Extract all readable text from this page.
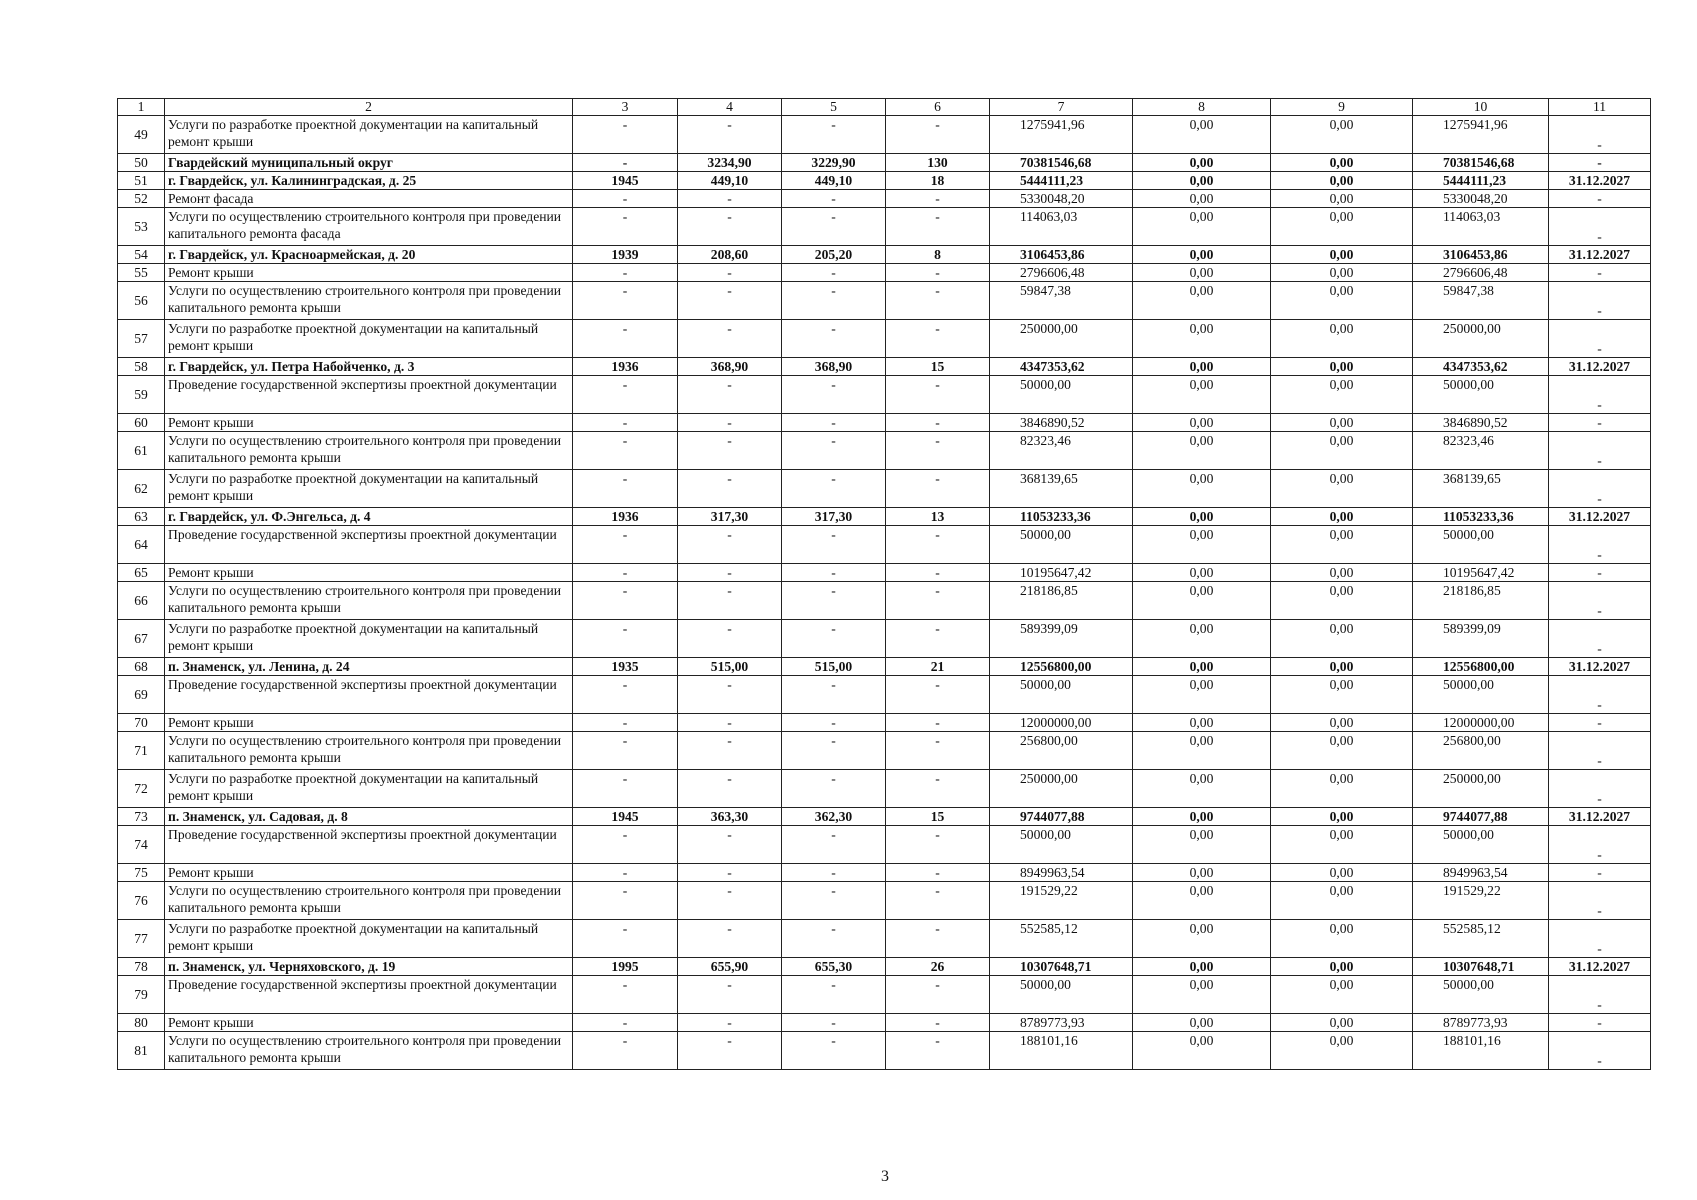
1	2	3	4	5	6	7	8	9	10	11
49	Услуги по разработке проектной документации на капитальный ремонт крыши	-	-	-	-	1275941,96	0,00	0,00	1275941,96	-
50	Гвардейский муниципальный округ	-	3234,90	3229,90	130	70381546,68	0,00	0,00	70381546,68	-
51	г. Гвардейск, ул. Калининградская, д. 25	1945	449,10	449,10	18	5444111,23	0,00	0,00	5444111,23	31.12.2027
52	Ремонт фасада	-	-	-	-	5330048,20	0,00	0,00	5330048,20	-
53	Услуги по осуществлению строительного контроля при проведении капитального ремонта фасада	-	-	-	-	114063,03	0,00	0,00	114063,03	-
54	г. Гвардейск, ул. Красноармейская, д. 20	1939	208,60	205,20	8	3106453,86	0,00	0,00	3106453,86	31.12.2027
55	Ремонт крыши	-	-	-	-	2796606,48	0,00	0,00	2796606,48	-
56	Услуги по осуществлению строительного контроля при проведении капитального ремонта крыши	-	-	-	-	59847,38	0,00	0,00	59847,38	-
57	Услуги по разработке проектной документации на капитальный ремонт крыши	-	-	-	-	250000,00	0,00	0,00	250000,00	-
58	г. Гвардейск, ул. Петра Набойченко, д. 3	1936	368,90	368,90	15	4347353,62	0,00	0,00	4347353,62	31.12.2027
59	Проведение государственной экспертизы проектной документации	-	-	-	-	50000,00	0,00	0,00	50000,00	-
60	Ремонт крыши	-	-	-	-	3846890,52	0,00	0,00	3846890,52	-
61	Услуги по осуществлению строительного контроля при проведении капитального ремонта крыши	-	-	-	-	82323,46	0,00	0,00	82323,46	-
62	Услуги по разработке проектной документации на капитальный ремонт крыши	-	-	-	-	368139,65	0,00	0,00	368139,65	-
63	г. Гвардейск, ул. Ф.Энгельса, д. 4	1936	317,30	317,30	13	11053233,36	0,00	0,00	11053233,36	31.12.2027
64	Проведение государственной экспертизы проектной документации	-	-	-	-	50000,00	0,00	0,00	50000,00	-
65	Ремонт крыши	-	-	-	-	10195647,42	0,00	0,00	10195647,42	-
66	Услуги по осуществлению строительного контроля при проведении капитального ремонта крыши	-	-	-	-	218186,85	0,00	0,00	218186,85	-
67	Услуги по разработке проектной документации на капитальный ремонт крыши	-	-	-	-	589399,09	0,00	0,00	589399,09	-
68	п. Знаменск, ул. Ленина, д. 24	1935	515,00	515,00	21	12556800,00	0,00	0,00	12556800,00	31.12.2027
69	Проведение государственной экспертизы проектной документации	-	-	-	-	50000,00	0,00	0,00	50000,00	-
70	Ремонт крыши	-	-	-	-	12000000,00	0,00	0,00	12000000,00	-
71	Услуги по осуществлению строительного контроля при проведении капитального ремонта крыши	-	-	-	-	256800,00	0,00	0,00	256800,00	-
72	Услуги по разработке проектной документации на капитальный ремонт крыши	-	-	-	-	250000,00	0,00	0,00	250000,00	-
73	п. Знаменск, ул. Садовая, д. 8	1945	363,30	362,30	15	9744077,88	0,00	0,00	9744077,88	31.12.2027
74	Проведение государственной экспертизы проектной документации	-	-	-	-	50000,00	0,00	0,00	50000,00	-
75	Ремонт крыши	-	-	-	-	8949963,54	0,00	0,00	8949963,54	-
76	Услуги по осуществлению строительного контроля при проведении капитального ремонта крыши	-	-	-	-	191529,22	0,00	0,00	191529,22	-
77	Услуги по разработке проектной документации на капитальный ремонт крыши	-	-	-	-	552585,12	0,00	0,00	552585,12	-
78	п. Знаменск, ул. Черняховского, д. 19	1995	655,90	655,30	26	10307648,71	0,00	0,00	10307648,71	31.12.2027
79	Проведение государственной экспертизы проектной документации	-	-	-	-	50000,00	0,00	0,00	50000,00	-
80	Ремонт крыши	-	-	-	-	8789773,93	0,00	0,00	8789773,93	-
81	Услуги по осуществлению строительного контроля при проведении капитального ремонта крыши	-	-	-	-	188101,16	0,00	0,00	188101,16	-
3
